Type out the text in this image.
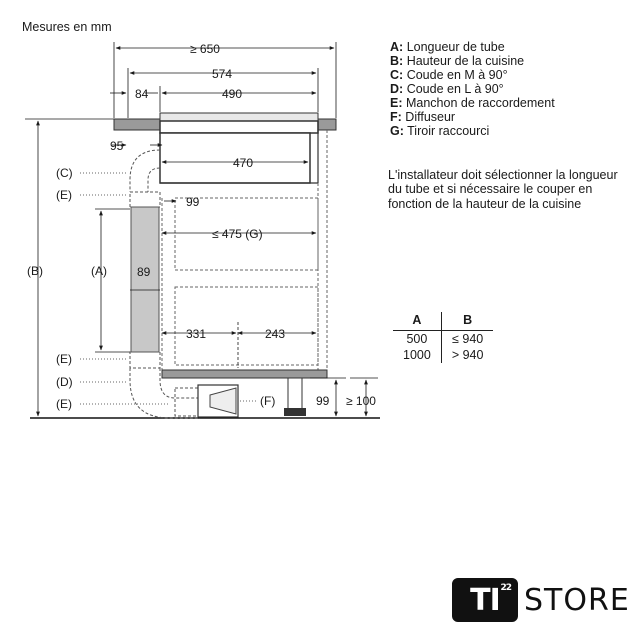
Mesures en mm
≥ 650
574
84	490
95
470
99
≤ 475 (G)
89
331	243
99 ≥ 100
(C)
(E)
(A)
(B)
(E)
(D)
(E)	(F)
A: Longueur de tube
B: Hauteur de la cuisine
C: Coude en M à 90°
D: Coude en L à 90°
E: Manchon de raccordement
F: Diffuseur
G: Tiroir raccourci
L'installateur doit sélectionner la longueur du tube et si nécessaire le couper en fonction de la hauteur de la cuisine
A	B
500	≤ 940
1000	> 940
TI$^{22}$ STORE
